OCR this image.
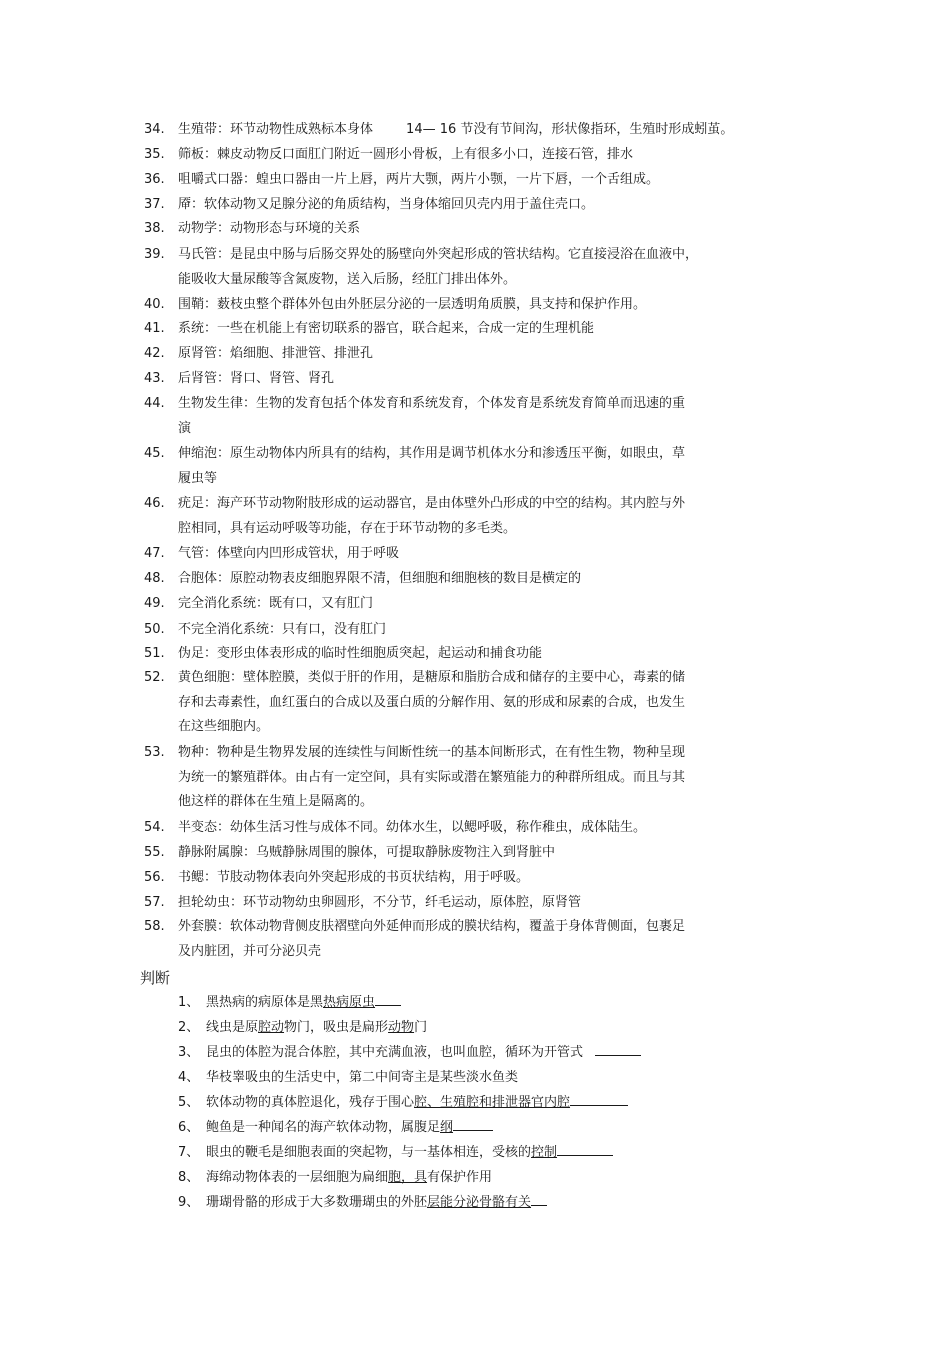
34.	生殖带：环节动物性成熟标本身体        14— 16 节没有节间沟，形状像指环，生殖时形成蚓茧。
35.	筛板：棘皮动物反口面肛门附近一圆形小骨板，上有很多小口，连接石管，排水
36.	咀嚼式口器：蝗虫口器由一片上唇，两片大颚，两片小颚，一片下唇，一个舌组成。
37.	厣：软体动物又足腺分泌的角质结构，当身体缩回贝壳内用于盖住壳口。
38.	动物学：动物形态与环境的关系
39.	马氏管：是昆虫中肠与后肠交界处的肠壁向外突起形成的管状结构。它直接浸浴在血液中，
能吸收大量尿酸等含氮废物，送入后肠，经肛门排出体外。
40.	围鞘：薮枝虫整个群体外包由外胚层分泌的一层透明角质膜，具支持和保护作用。
41.	系统：一些在机能上有密切联系的器官，联合起来，合成一定的生理机能
42.	原肾管：焰细胞、排泄管、排泄孔
43.	后肾管：肾口、肾管、肾孔
44.	生物发生律：生物的发育包括个体发育和系统发育，个体发育是系统发育简单而迅速的重
演
45.	伸缩泡：原生动物体内所具有的结构，其作用是调节机体水分和渗透压平衡，如眼虫，草
履虫等
46.	疣足：海产环节动物附肢形成的运动器官，是由体壁外凸形成的中空的结构。其内腔与外
腔相同，具有运动呼吸等功能，存在于环节动物的多毛类。
47.	气管：体壁向内凹形成管状，用于呼吸
48.	合胞体：原腔动物表皮细胞界限不清，但细胞和细胞核的数目是横定的
49.	完全消化系统：既有口，又有肛门
50.	不完全消化系统：只有口，没有肛门
51.	伪足：变形虫体表形成的临时性细胞质突起，起运动和捕食功能
52.	黄色细胞：壁体腔膜，类似于肝的作用，是糖原和脂肪合成和储存的主要中心，毒素的储
存和去毒素性，血红蛋白的合成以及蛋白质的分解作用、氨的形成和尿素的合成，也发生
在这些细胞内。
53.	物种：物种是生物界发展的连续性与间断性统一的基本间断形式，在有性生物，物种呈现
为统一的繁殖群体。由占有一定空间，具有实际或潜在繁殖能力的种群所组成。而且与其
他这样的群体在生殖上是隔离的。
54.	半变态：幼体生活习性与成体不同。幼体水生，以鳃呼吸，称作稚虫，成体陆生。
55.	静脉附属腺：乌贼静脉周围的腺体，可提取静脉废物注入到肾脏中
56.	书鳃：节肢动物体表向外突起形成的书页状结构，用于呼吸。
57.	担轮幼虫：环节动物幼虫卵圆形，不分节，纤毛运动，原体腔，原肾管
58.	外套膜：软体动物背侧皮肤褶壁向外延伸而形成的膜状结构，覆盖于身体背侧面，包裹足
及内脏团，并可分泌贝壳
判断
1、 黑热病的病原体是黑热病原虫
2、 线虫是原腔动物门，吸虫是扁形动物门
3、 昆虫的体腔为混合体腔，其中充满血液，也叫血腔，循环为开管式
4、 华枝睾吸虫的生活史中，第二中间寄主是某些淡水鱼类
5、 软体动物的真体腔退化，残存于围心腔、生殖腔和排泄器官内腔
6、 鲍鱼是一种闻名的海产软体动物，属腹足纲
7、 眼虫的鞭毛是细胞表面的突起物，与一基体相连，受核的控制
8、 海绵动物体表的一层细胞为扁细胞，具有保护作用
9、 珊瑚骨骼的形成于大多数珊瑚虫的外胚层能分泌骨骼有关
